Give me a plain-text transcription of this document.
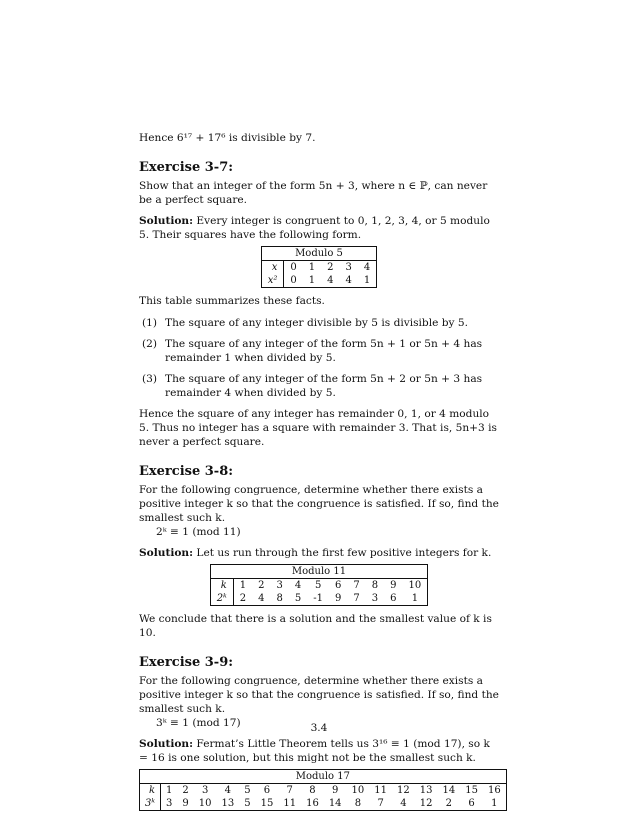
Hence 6¹⁷ + 17⁶ is divisible by 7.

Exercise 3-7:

Show that an integer of the form 5n + 3, where n ∈ ℙ, can never be a perfect square.

Solution: Every integer is congruent to 0, 1, 2, 3, 4, or 5 modulo 5. Their squares have the following form.

Modulo 5					
x	0	1	2	3	4
x²	0	1	4	4	1

This table summarizes these facts.

(1) The square of any integer divisible by 5 is divisible by 5.
(2) The square of any integer of the form 5n + 1 or 5n + 4 has remainder 1 when divided by 5.
(3) The square of any integer of the form 5n + 2 or 5n + 3 has remainder 4 when divided by 5.

Hence the square of any integer has remainder 0, 1, or 4 modulo 5. Thus no integer has a square with remainder 3. That is, 5n+3 is never a perfect square.

Exercise 3-8:

For the following congruence, determine whether there exists a positive integer k so that the congruence is satisfied. If so, find the smallest such k.

2ᵏ ≡ 1 (mod 11)

Solution: Let us run through the first few positive integers for k.

Modulo 11										
k	1	2	3	4	5	6	7	8	9	10
2ᵏ	2	4	8	5	-1	9	7	3	6	1

We conclude that there is a solution and the smallest value of k is 10.

Exercise 3-9:

For the following congruence, determine whether there exists a positive integer k so that the congruence is satisfied. If so, find the smallest such k.

3ᵏ ≡ 1 (mod 17)

Solution: Fermat’s Little Theorem tells us 3¹⁶ ≡ 1 (mod 17), so k = 16 is one solution, but this might not be the smallest such k.

Modulo 17																
k	1	2	3	4	5	6	7	8	9	10	11	12	13	14	15	16
3ᵏ	3	9	10	13	5	15	11	16	14	8	7	4	12	2	6	1
3.4
